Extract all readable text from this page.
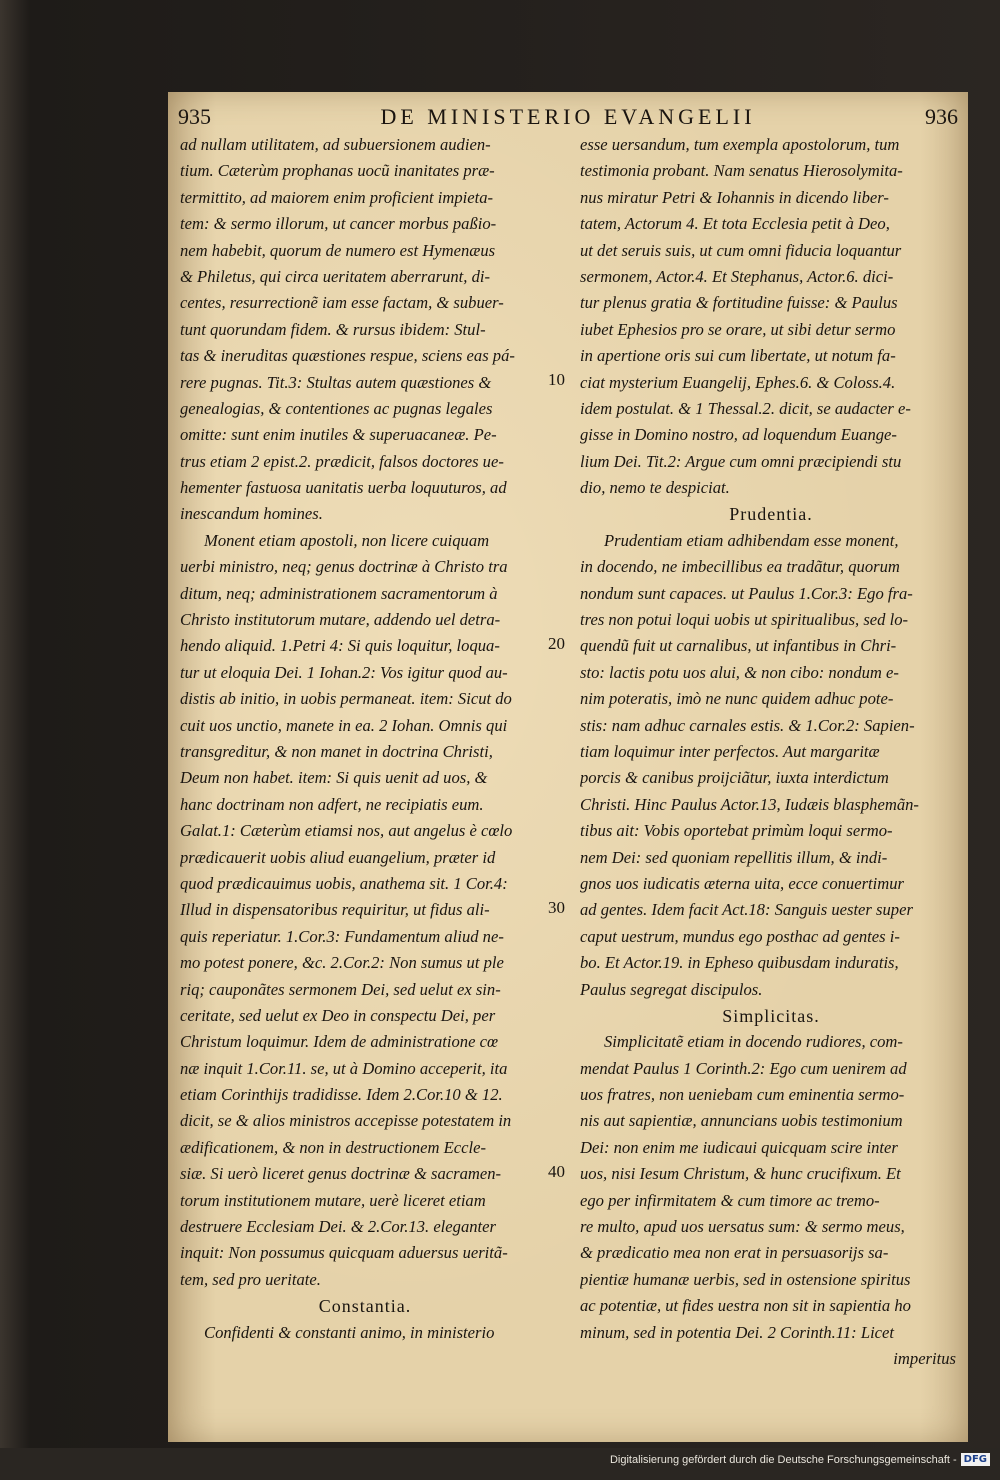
935	DE MINISTERIO EVANGELII	936
ad nullam utilitatem, ad subuersionem audien-
tium. Cæterùm prophanas uocũ inanitates præ-
termittito, ad maiorem enim proficient impieta-
tem: & sermo illorum, ut cancer morbus paßio-
nem habebit, quorum de numero est Hymenæus
& Philetus, qui circa ueritatem aberrarunt, di-
centes, resurrectionẽ iam esse factam, & subuer-
tunt quorundam fidem. & rursus ibidem: Stul-
tas & ineruditas quæstiones respue, sciens eas pá-
rere pugnas. Tit.3: Stultas autem quæstiones &
genealogias, & contentiones ac pugnas legales
omitte: sunt enim inutiles & superuacaneæ. Pe-
trus etiam 2 epist.2. prædicit, falsos doctores ue-
hementer fastuosa uanitatis uerba loquuturos, ad
inescandum homines.
Monent etiam apostoli, non licere cuiquam
uerbi ministro, neq; genus doctrinæ à Christo tra
ditum, neq; administrationem sacramentorum à
Christo institutorum mutare, addendo uel detra-
hendo aliquid. 1.Petri 4: Si quis loquitur, loqua-
tur ut eloquia Dei. 1 Iohan.2: Vos igitur quod au-
distis ab initio, in uobis permaneat. item: Sicut do
cuit uos unctio, manete in ea. 2 Iohan. Omnis qui
transgreditur, & non manet in doctrina Christi,
Deum non habet. item: Si quis uenit ad uos, &
hanc doctrinam non adfert, ne recipiatis eum.
Galat.1: Cæterùm etiamsi nos, aut angelus è cœlo
prædicauerit uobis aliud euangelium, præter id
quod prædicauimus uobis, anathema sit. 1 Cor.4:
Illud in dispensatoribus requiritur, ut fidus ali-
quis reperiatur. 1.Cor.3: Fundamentum aliud ne-
mo potest ponere, &c. 2.Cor.2: Non sumus ut ple
riq; cauponãtes sermonem Dei, sed uelut ex sin-
ceritate, sed uelut ex Deo in conspectu Dei, per
Christum loquimur. Idem de administratione cœ
næ inquit 1.Cor.11. se, ut à Domino acceperit, ita
etiam Corinthijs tradidisse. Idem 2.Cor.10 & 12.
dicit, se & alios ministros accepisse potestatem in
ædificationem, & non in destructionem Eccle-
siæ. Si uerò liceret genus doctrinæ & sacramen-
torum institutionem mutare, uerè liceret etiam
destruere Ecclesiam Dei. & 2.Cor.13. eleganter
inquit: Non possumus quicquam aduersus ueritã-
tem, sed pro ueritate.
Constantia.
Confidenti & constanti animo, in ministerio
esse uersandum, tum exempla apostolorum, tum
testimonia probant. Nam senatus Hierosolymita-
nus miratur Petri & Iohannis in dicendo liber-
tatem, Actorum 4. Et tota Ecclesia petit à Deo,
ut det seruis suis, ut cum omni fiducia loquantur
sermonem, Actor.4. Et Stephanus, Actor.6. dici-
tur plenus gratia & fortitudine fuisse: & Paulus
iubet Ephesios pro se orare, ut sibi detur sermo
in apertione oris sui cum libertate, ut notum fa-
ciat mysterium Euangelij, Ephes.6. & Coloss.4.
idem postulat. & 1 Thessal.2. dicit, se audacter e-
gisse in Domino nostro, ad loquendum Euange-
lium Dei. Tit.2: Argue cum omni præcipiendi stu
dio, nemo te despiciat.
Prudentia.
Prudentiam etiam adhibendam esse monent,
in docendo, ne imbecillibus ea tradãtur, quorum
nondum sunt capaces. ut Paulus 1.Cor.3: Ego fra-
tres non potui loqui uobis ut spiritualibus, sed lo-
quendũ fuit ut carnalibus, ut infantibus in Chri-
sto: lactis potu uos alui, & non cibo: nondum e-
nim poteratis, imò ne nunc quidem adhuc pote-
stis: nam adhuc carnales estis. & 1.Cor.2: Sapien-
tiam loquimur inter perfectos. Aut margaritæ
porcis & canibus proijciãtur, iuxta interdictum
Christi. Hinc Paulus Actor.13, Iudæis blasphemãn-
tibus ait: Vobis oportebat primùm loqui sermo-
nem Dei: sed quoniam repellitis illum, & indi-
gnos uos iudicatis æterna uita, ecce conuertimur
ad gentes. Idem facit Act.18: Sanguis uester super
caput uestrum, mundus ego posthac ad gentes i-
bo. Et Actor.19. in Epheso quibusdam induratis,
Paulus segregat discipulos.
Simplicitas.
Simplicitatẽ etiam in docendo rudiores, com-
mendat Paulus 1 Corinth.2: Ego cum uenirem ad
uos fratres, non ueniebam cum eminentia sermo-
nis aut sapientiæ, annuncians uobis testimonium
Dei: non enim me iudicaui quicquam scire inter
uos, nisi Iesum Christum, & hunc crucifixum. Et
ego per infirmitatem & cum timore ac tremo-
re multo, apud uos uersatus sum: & sermo meus,
& prædicatio mea non erat in persuasorijs sa-
pientiæ humanæ uerbis, sed in ostensione spiritus
ac potentiæ, ut fides uestra non sit in sapientia ho
minum, sed in potentia Dei. 2 Corinth.11: Licet
imperitus
10
20
30
40
Digitalisierung gefördert durch die Deutsche Forschungsgemeinschaft - DFG
